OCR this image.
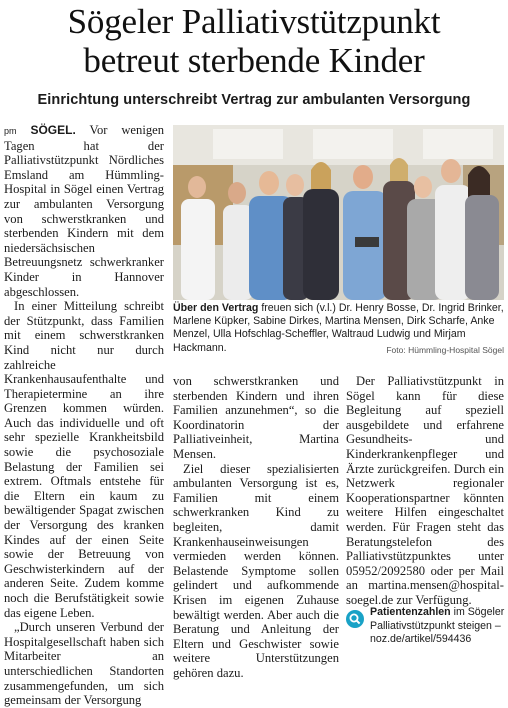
Sögeler Palliativstützpunkt
betreut sterbende Kinder
Einrichtung unterschreibt Vertrag zur ambulanten Versorgung

pm SÖGEL. Vor wenigen Tagen hat der Palliativstützpunkt Nördliches Emsland am Hümmling-Hospital in Sögel einen Vertrag zur ambulanten Versorgung von schwerstkranken und sterbenden Kindern mit dem niedersächsischen Betreuungsnetz schwerkranker Kinder in Hannover abgeschlossen.

In einer Mitteilung schreibt der Stützpunkt, dass Familien mit einem schwerstkranken Kind nicht nur durch zahlreiche Krankenhausaufenthalte und Therapietermine an ihre Grenzen kommen würden. Auch das individuelle und oft sehr spezielle Krankheitsbild sowie die psychosoziale Belastung der Familien sei extrem. Oftmals entstehe für die Eltern ein kaum zu bewältigender Spagat zwischen der Versorgung des kranken Kindes auf der einen Seite sowie der Betreuung von Geschwisterkindern auf der anderen Seite. Zudem komme noch die Berufstätigkeit sowie das eigene Leben.

„Durch unseren Verbund der Hospitalgesellschaft haben sich Mitarbeiter an unterschiedlichen Standorten zusammengefunden, um sich gemeinsam der Versorgung

Über den Vertrag freuen sich (v.l.) Dr. Henry Bosse, Dr. Ingrid Brinker, Marlene Küpker, Sabine Dirkes, Martina Mensen, Dirk Scharfe, Anke Menzel, Ulla Hofschlag-Scheffler, Waltraud Ludwig und Mirjam Hackmann.	Foto: Hümmling-Hospital Sögel

von schwerstkranken und sterbenden Kindern und ihren Familien anzunehmen“, so die Koordinatorin der Palliativeinheit, Martina Mensen.

Ziel dieser spezialisierten ambulanten Versorgung ist es, Familien mit einem schwerkranken Kind zu begleiten, damit Krankenhauseinweisungen vermieden werden können. Belastende Symptome sollen gelindert und aufkommende Krisen im eigenen Zuhause bewältigt werden. Aber auch die Beratung und Anleitung der Eltern und Geschwister sowie weitere Unterstützungen gehören dazu.

Der Palliativstützpunkt in Sögel kann für diese Begleitung auf speziell ausgebildete und erfahrene Gesundheits- und Kinderkrankenpfleger und Ärzte zurückgreifen. Durch ein Netzwerk regionaler Kooperationspartner könnten weitere Hilfen eingeschaltet werden. Für Fragen steht das Beratungstelefon des Palliativstützpunktes unter 05952/2092580 oder per Mail an martina.mensen@hospital-soegel.de zur Verfügung.

Patientenzahlen im Sögeler Palliativstützpunkt steigen – noz.de/artikel/594436
